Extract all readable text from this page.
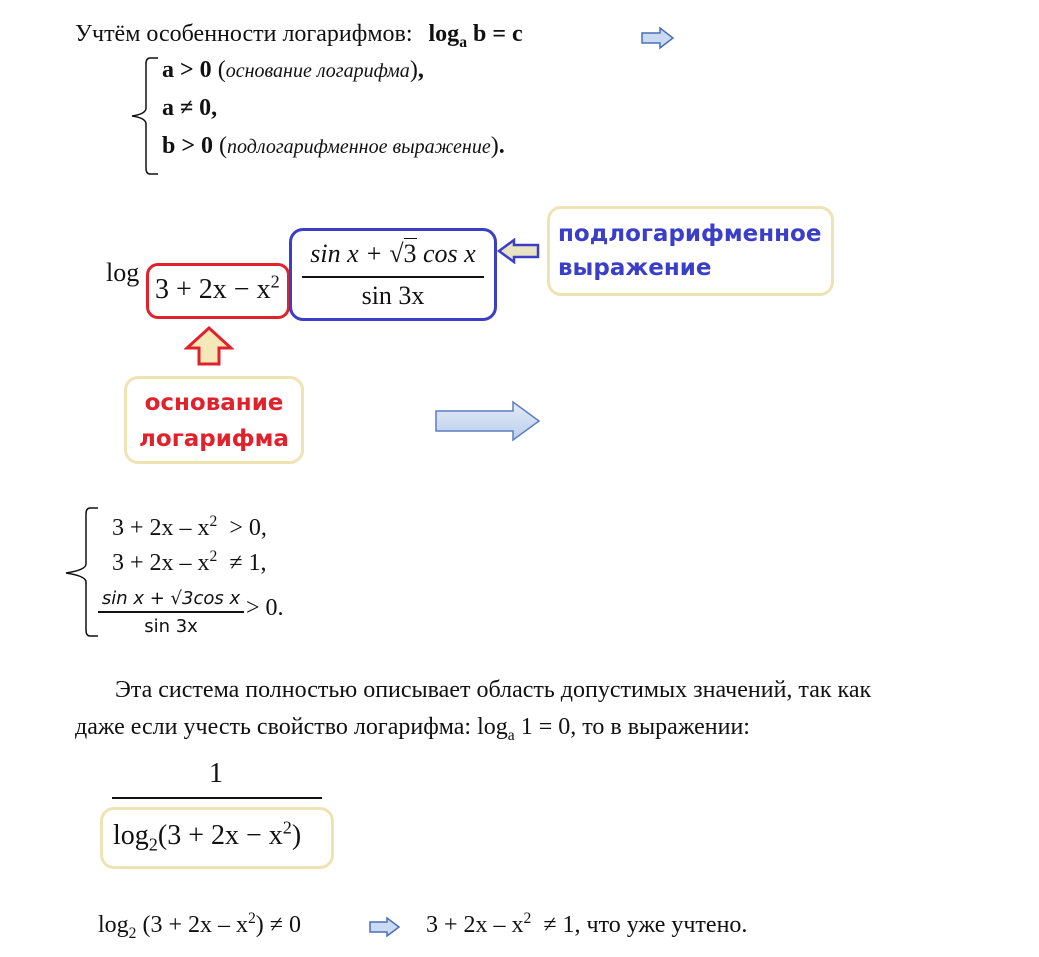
Учтём особенности логарифмов: $\log_a b = c$
a > 0 (основание логарифма),
a ≠ 0,
b > 0 (подлогарифменное выражение).
log
$3 + 2x - x^2$
sin x + √3 cos x
sin 3x
подлогарифменное
выражение
основание
логарифма
$3 + 2x - x^2 > 0$,
$3 + 2x - x^2 \ne 1$,
sin x + √3cos x
sin 3x
> 0.
Эта система полностью описывает область допустимых значений, так как
даже если учесть свойство логарифма: $\log_a 1 = 0$, то в выражении:
1
$\log_2(3 + 2x - x^2)$
$\log_2 (3 + 2x - x^2) \ne 0$	$3 + 2x - x^2 \ne 1$, что уже учтено.
